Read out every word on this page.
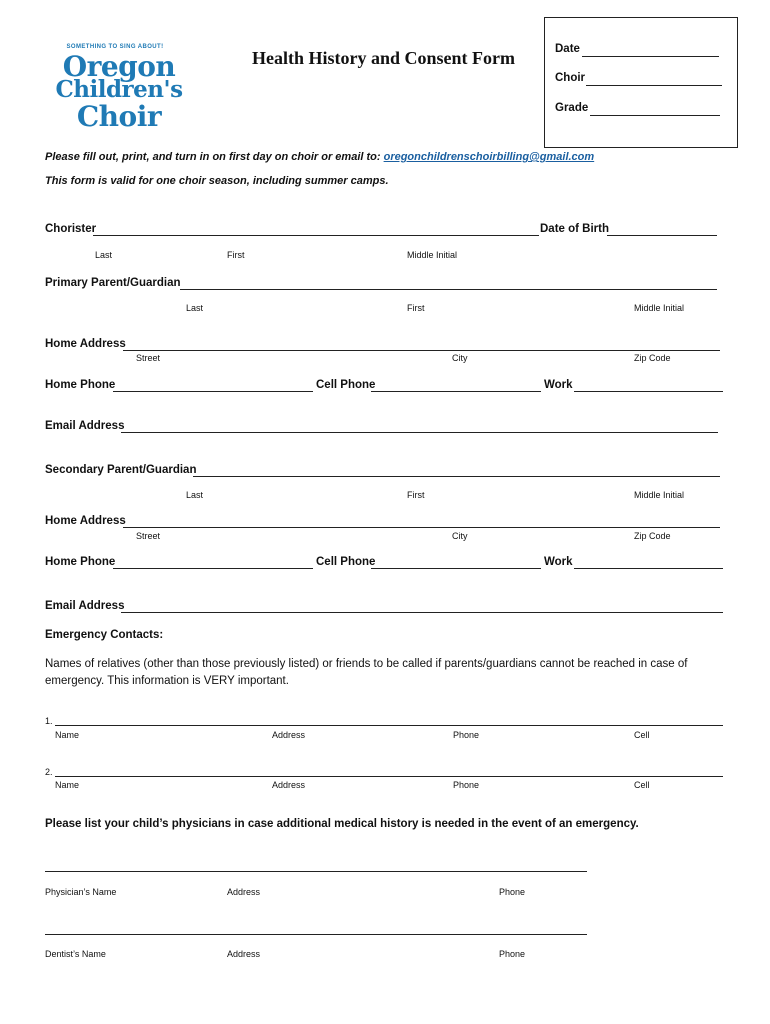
SOMETHING TO SING ABOUT!
Oregon
Children's
Choir
Health History and Consent Form	Date
Choir
Grade
Please fill out, print, and turn in on first day on choir or email to: oregonchildrenschoirbilling@gmail.com
This form is valid for one choir season, including summer camps.
Chorister	Date of Birth
Last	First	Middle Initial
Primary Parent/Guardian
Last	First	Middle Initial
Home Address
Street	City	Zip Code
Home Phone	Cell Phone	Work
Email Address
Secondary Parent/Guardian
Last	First	Middle Initial
Home Address
Street	City	Zip Code
Home Phone	Cell Phone	Work
Email Address
Emergency Contacts:
Names of relatives (other than those previously listed) or friends to be called if parents/guardians cannot be reached in case of emergency. This information is VERY important.
1.
Name	Address	Phone	Cell
2.
Name	Address	Phone	Cell
Please list your child’s physicians in case additional medical history is needed in the event of an emergency.
Physician’s Name	Address	Phone
Dentist’s Name	Address	Phone
